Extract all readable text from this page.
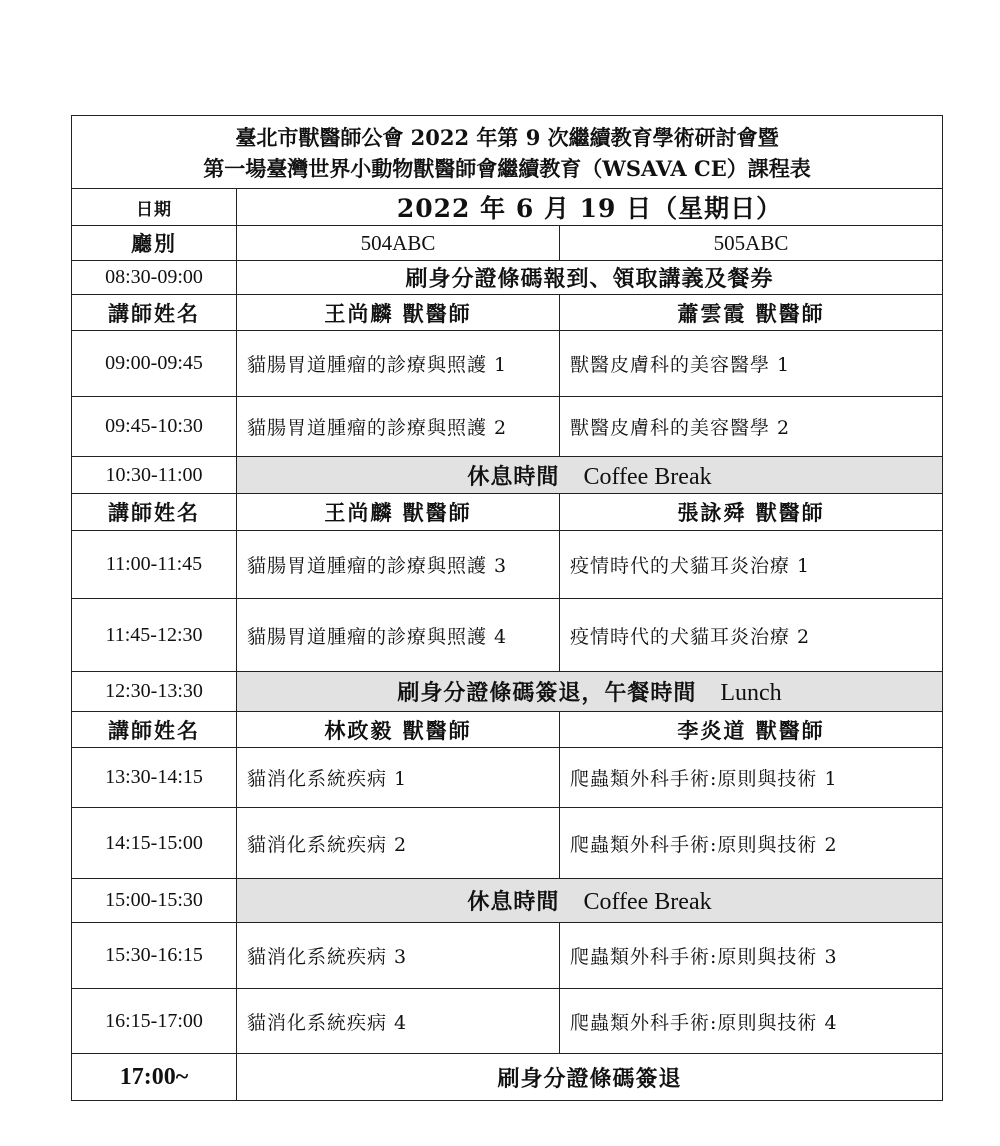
臺北市獸醫師公會 2022 年第 9 次繼續教育學術研討會暨
第一場臺灣世界小動物獸醫師會繼續教育（WSAVA CE）課程表		

日期	2022 年 6 月 19 日（星期日）	
廳別	504ABC	505ABC
08:30-09:00	刷身分證條碼報到、領取講義及餐券	
講師姓名	王尚麟 獸醫師	蕭雲霞 獸醫師
09:00-09:45	貓腸胃道腫瘤的診療與照護 1	獸醫皮膚科的美容醫學 1
09:45-10:30	貓腸胃道腫瘤的診療與照護 2	獸醫皮膚科的美容醫學 2
10:30-11:00	休息時間 Coffee Break	
講師姓名	王尚麟 獸醫師	張詠舜 獸醫師
11:00-11:45	貓腸胃道腫瘤的診療與照護 3	疫情時代的犬貓耳炎治療 1
11:45-12:30	貓腸胃道腫瘤的診療與照護 4	疫情時代的犬貓耳炎治療 2
12:30-13:30	刷身分證條碼簽退，午餐時間 Lunch	
講師姓名	林政毅 獸醫師	李炎道 獸醫師
13:30-14:15	貓消化系統疾病 1	爬蟲類外科手術:原則與技術 1
14:15-15:00	貓消化系統疾病 2	爬蟲類外科手術:原則與技術 2
15:00-15:30	休息時間 Coffee Break	
15:30-16:15	貓消化系統疾病 3	爬蟲類外科手術:原則與技術 3
16:15-17:00	貓消化系統疾病 4	爬蟲類外科手術:原則與技術 4
17:00~	刷身分證條碼簽退	
